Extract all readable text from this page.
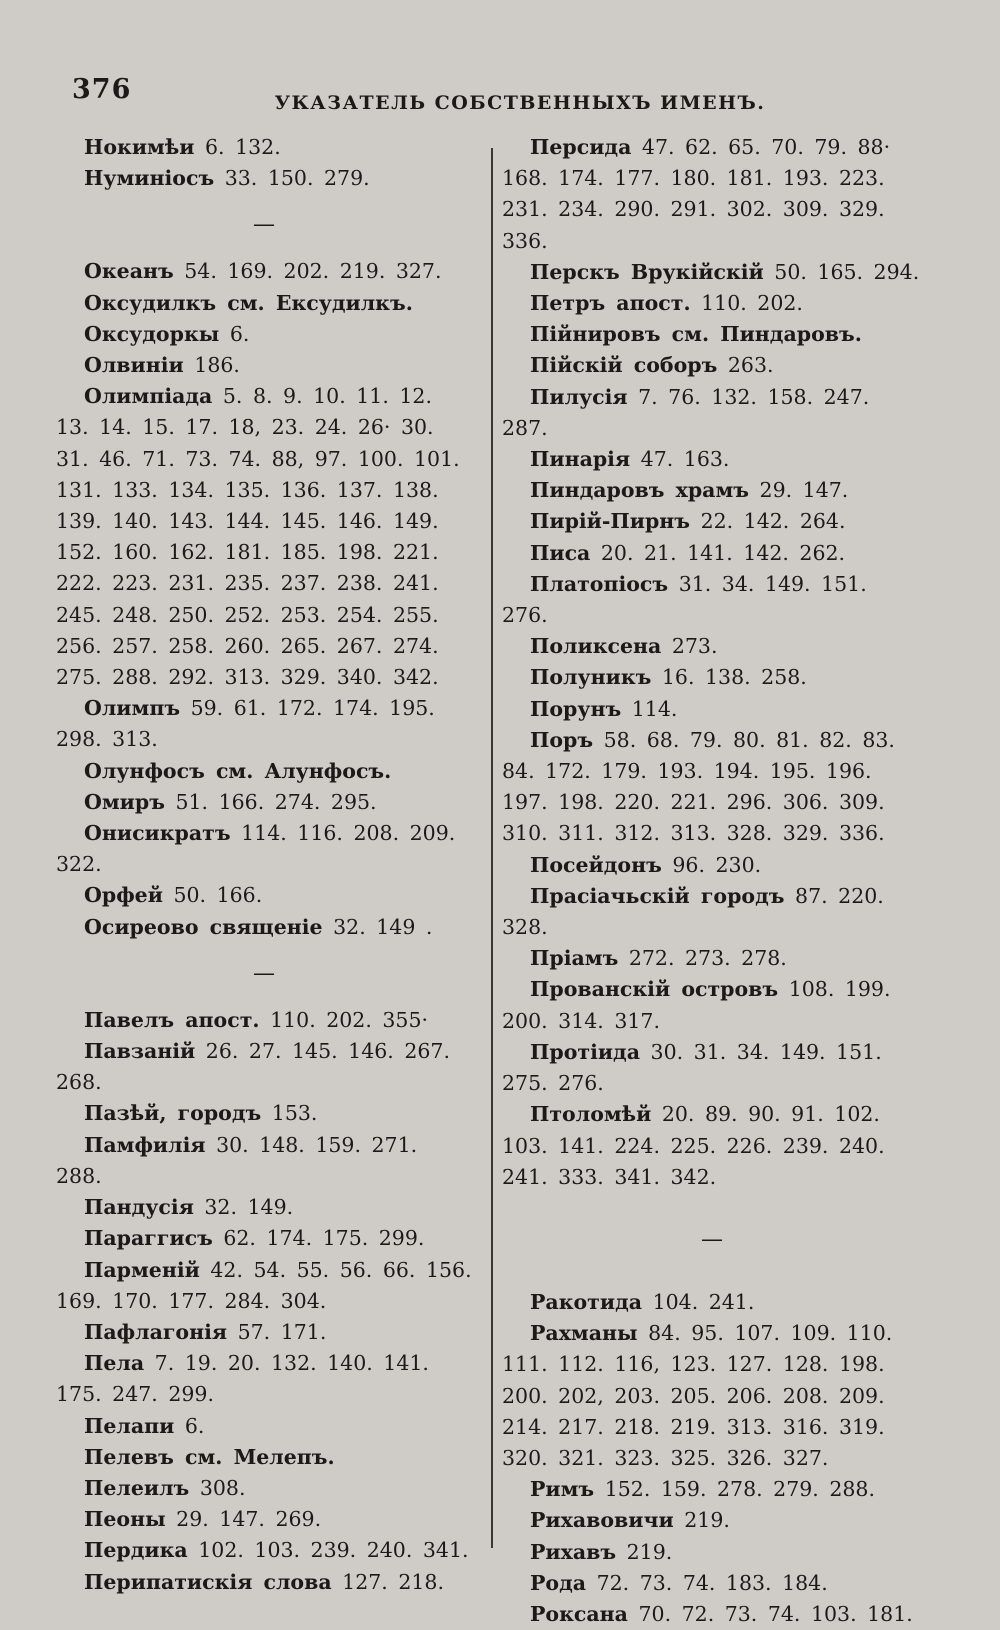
376	УКАЗАТЕЛЬ СОБСТВЕННЫХЪ ИМЕНЪ.
Нокимѣи 6. 132.
Нуминіосъ 33. 150. 279.
—
Океанъ 54. 169. 202. 219. 327.
Оксудилкъ см. Ексудилкъ.
Оксудоркы 6.
Олвиніи 186.
Олимпіада 5. 8. 9. 10. 11. 12. 13. 14. 15. 17. 18, 23. 24. 26· 30. 31. 46. 71. 73. 74. 88, 97. 100. 101. 131. 133. 134. 135. 136. 137. 138. 139. 140. 143. 144. 145. 146. 149. 152. 160. 162. 181. 185. 198. 221. 222. 223. 231. 235. 237. 238. 241. 245. 248. 250. 252. 253. 254. 255. 256. 257. 258. 260. 265. 267. 274. 275. 288. 292. 313. 329. 340. 342.
Олимпъ 59. 61. 172. 174. 195. 298. 313.
Олунфосъ см. Алунфосъ.
Омиръ 51. 166. 274. 295.
Онисикратъ 114. 116. 208. 209. 322.
Орфей 50. 166.
Осиреово священіе 32. 149 .
—
Павелъ апост. 110. 202. 355·
Павзаній 26. 27. 145. 146. 267. 268.
Пазѣй, городъ 153.
Памфилія 30. 148. 159. 271. 288.
Пандусія 32. 149.
Параггисъ 62. 174. 175. 299.
Парменій 42. 54. 55. 56. 66. 156. 169. 170. 177. 284. 304.
Пафлагонія 57. 171.
Пела 7. 19. 20. 132. 140. 141. 175. 247. 299.
Пелапи 6.
Пелевъ см. Мелепъ.
Пелеилъ 308.
Пеоны 29. 147. 269.
Пердика 102. 103. 239. 240. 341.
Перипатискія слова 127. 218.
Персида 47. 62. 65. 70. 79. 88· 168. 174. 177. 180. 181. 193. 223. 231. 234. 290. 291. 302. 309. 329. 336.
Перскъ Врукійскій 50. 165. 294.
Петръ апост. 110. 202.
Пійнировъ см. Пиндаровъ.
Пійскій соборъ 263.
Пилусія 7. 76. 132. 158. 247. 287.
Пинарія 47. 163.
Пиндаровъ храмъ 29. 147.
Пирій-Пирнъ 22. 142. 264.
Писа 20. 21. 141. 142. 262.
Платопіосъ 31. 34. 149. 151. 276.
Поликсена 273.
Полуникъ 16. 138. 258.
Порунъ 114.
Поръ 58. 68. 79. 80. 81. 82. 83. 84. 172. 179. 193. 194. 195. 196. 197. 198. 220. 221. 296. 306. 309. 310. 311. 312. 313. 328. 329. 336.
Посейдонъ 96. 230.
Прасіачьскій городъ 87. 220. 328.
Пріамъ 272. 273. 278.
Прованскій островъ 108. 199. 200. 314. 317.
Протіида 30. 31. 34. 149. 151. 275. 276.
Птоломѣй 20. 89. 90. 91. 102. 103. 141. 224. 225. 226. 239. 240. 241. 333. 341. 342.
—
Ракотида 104. 241.
Рахманы 84. 95. 107. 109. 110. 111. 112. 116, 123. 127. 128. 198. 200. 202, 203. 205. 206. 208. 209. 214. 217. 218. 219. 313. 316. 319. 320. 321. 323. 325. 326. 327.
Римъ 152. 159. 278. 279. 288.
Рихавовичи 219.
Рихавъ 219.
Рода 72. 73. 74. 183. 184.
Роксана 70. 72. 73. 74. 103. 181.
